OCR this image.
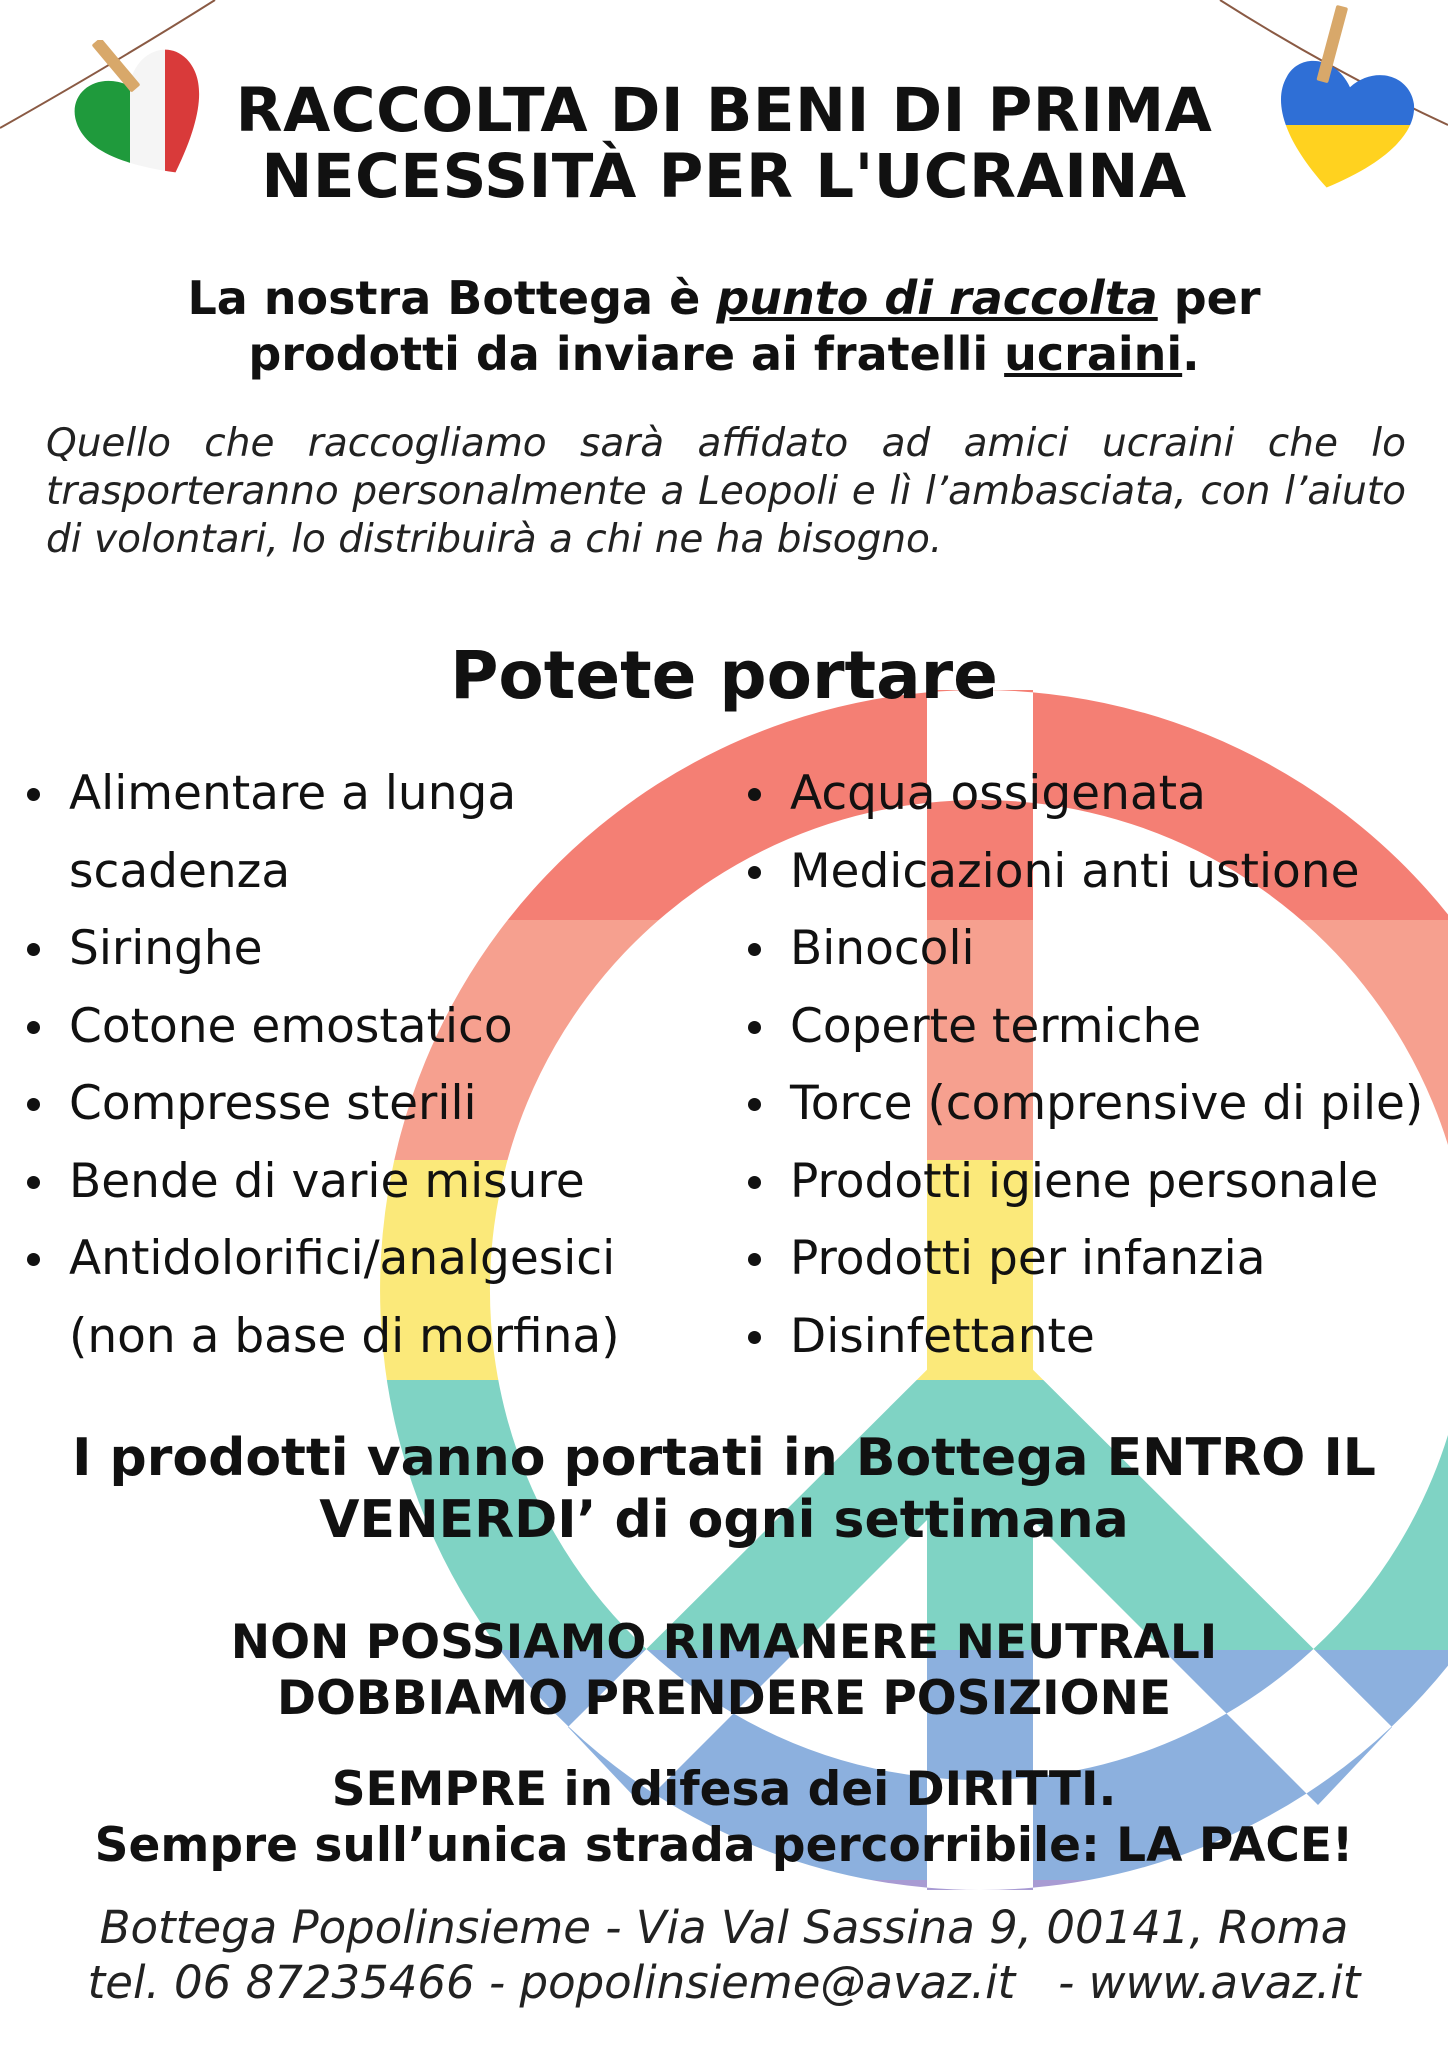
RACCOLTA DI BENI DI PRIMA
NECESSITÀ PER L'UCRAINA
La nostra Bottega è punto di raccolta per
prodotti da inviare ai fratelli ucraini.
Quello che raccogliamo sarà affidato ad amici ucraini che lo trasporteranno personalmente a Leopoli e lì l’ambasciata, con l’aiuto di volontari, lo distribuirà a chi ne ha bisogno.
Potete portare
Alimentare a lunga scadenza
Siringhe
Cotone emostatico
Compresse sterili
Bende di varie misure
Antidolorifici/analgesici (non a base di morfina)
Acqua ossigenata
Medicazioni anti ustione
Binocoli
Coperte termiche
Torce (comprensive di pile)
Prodotti igiene personale
Prodotti per infanzia
Disinfettante
I prodotti vanno portati in Bottega ENTRO IL
VENERDI’ di ogni settimana
NON POSSIAMO RIMANERE NEUTRALI
DOBBIAMO PRENDERE POSIZIONE
SEMPRE in difesa dei DIRITTI.
Sempre sull’unica strada percorribile: LA PACE!
Bottega Popolinsieme - Via Val Sassina 9, 00141, Roma
tel. 06 87235466 - popolinsieme@avaz.it   - www.avaz.it
